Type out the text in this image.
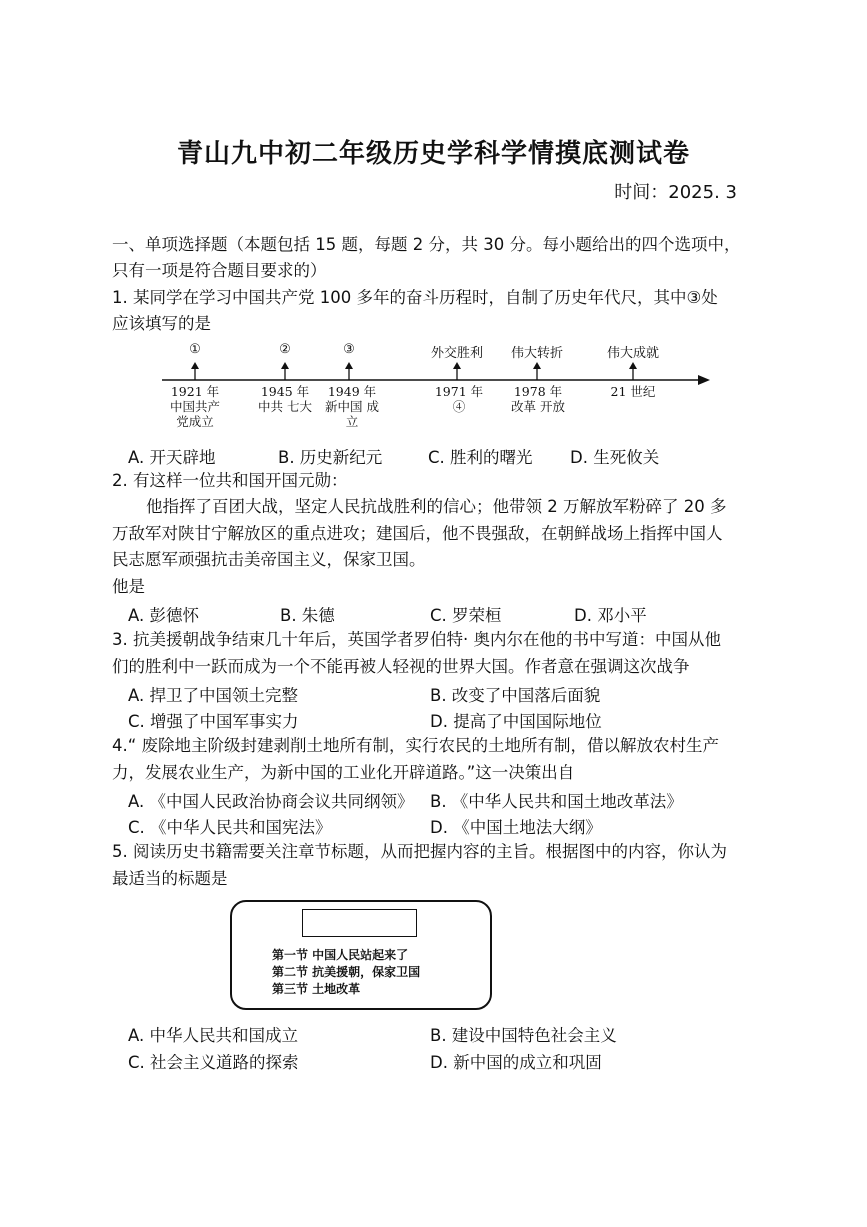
青山九中初二年级历史学科学情摸底测试卷
时间：2025. 3
一、单项选择题（本题包括 15 题，每题 2 分，共 30 分。每小题给出的四个选项中，
只有一项是符合题目要求的）
1. 某同学在学习中国共产党 100 多年的奋斗历程时，自制了历史年代尺，其中③处
应该填写的是
①	②	③	外交胜利	伟大转折	伟大成就
1921 年 中国共产 党成立
1945 年 中共 七大
1949 年 新中国 成立
1971 年 ④
1978 年 改革 开放
21 世纪
A. 开天辟地	B. 历史新纪元	C. 胜利的曙光 D. 生死攸关
2. 有这样一位共和国开国元勋：
他指挥了百团大战，坚定人民抗战胜利的信心；他带领 2 万解放军粉碎了 20 多
万敌军对陕甘宁解放区的重点进攻；建国后，他不畏强敌，在朝鲜战场上指挥中国人
民志愿军顽强抗击美帝国主义，保家卫国。
他是
A. 彭德怀	B. 朱德	C. 罗荣桓	D. 邓小平
3. 抗美援朝战争结束几十年后，英国学者罗伯特· 奥内尔在他的书中写道：中国从他
们的胜利中一跃而成为一个不能再被人轻视的世界大国。作者意在强调这次战争
A. 捍卫了中国领土完整	B. 改变了中国落后面貌
C. 增强了中国军事实力	D. 提高了中国国际地位
4.“ 废除地主阶级封建剥削土地所有制，实行农民的土地所有制，借以解放农村生产
力，发展农业生产，为新中国的工业化开辟道路。”这一决策出自
A. 《中国人民政治协商会议共同纲领》 B. 《中华人民共和国土地改革法》
C. 《中华人民共和国宪法》	D. 《中国土地法大纲》
5. 阅读历史书籍需要关注章节标题，从而把握内容的主旨。根据图中的内容，你认为
最适当的标题是
第一节 中国人民站起来了
第二节 抗美援朝，保家卫国
第三节 土地改革
A. 中华人民共和国成立	B. 建设中国特色社会主义
C. 社会主义道路的探索	D. 新中国的成立和巩固
